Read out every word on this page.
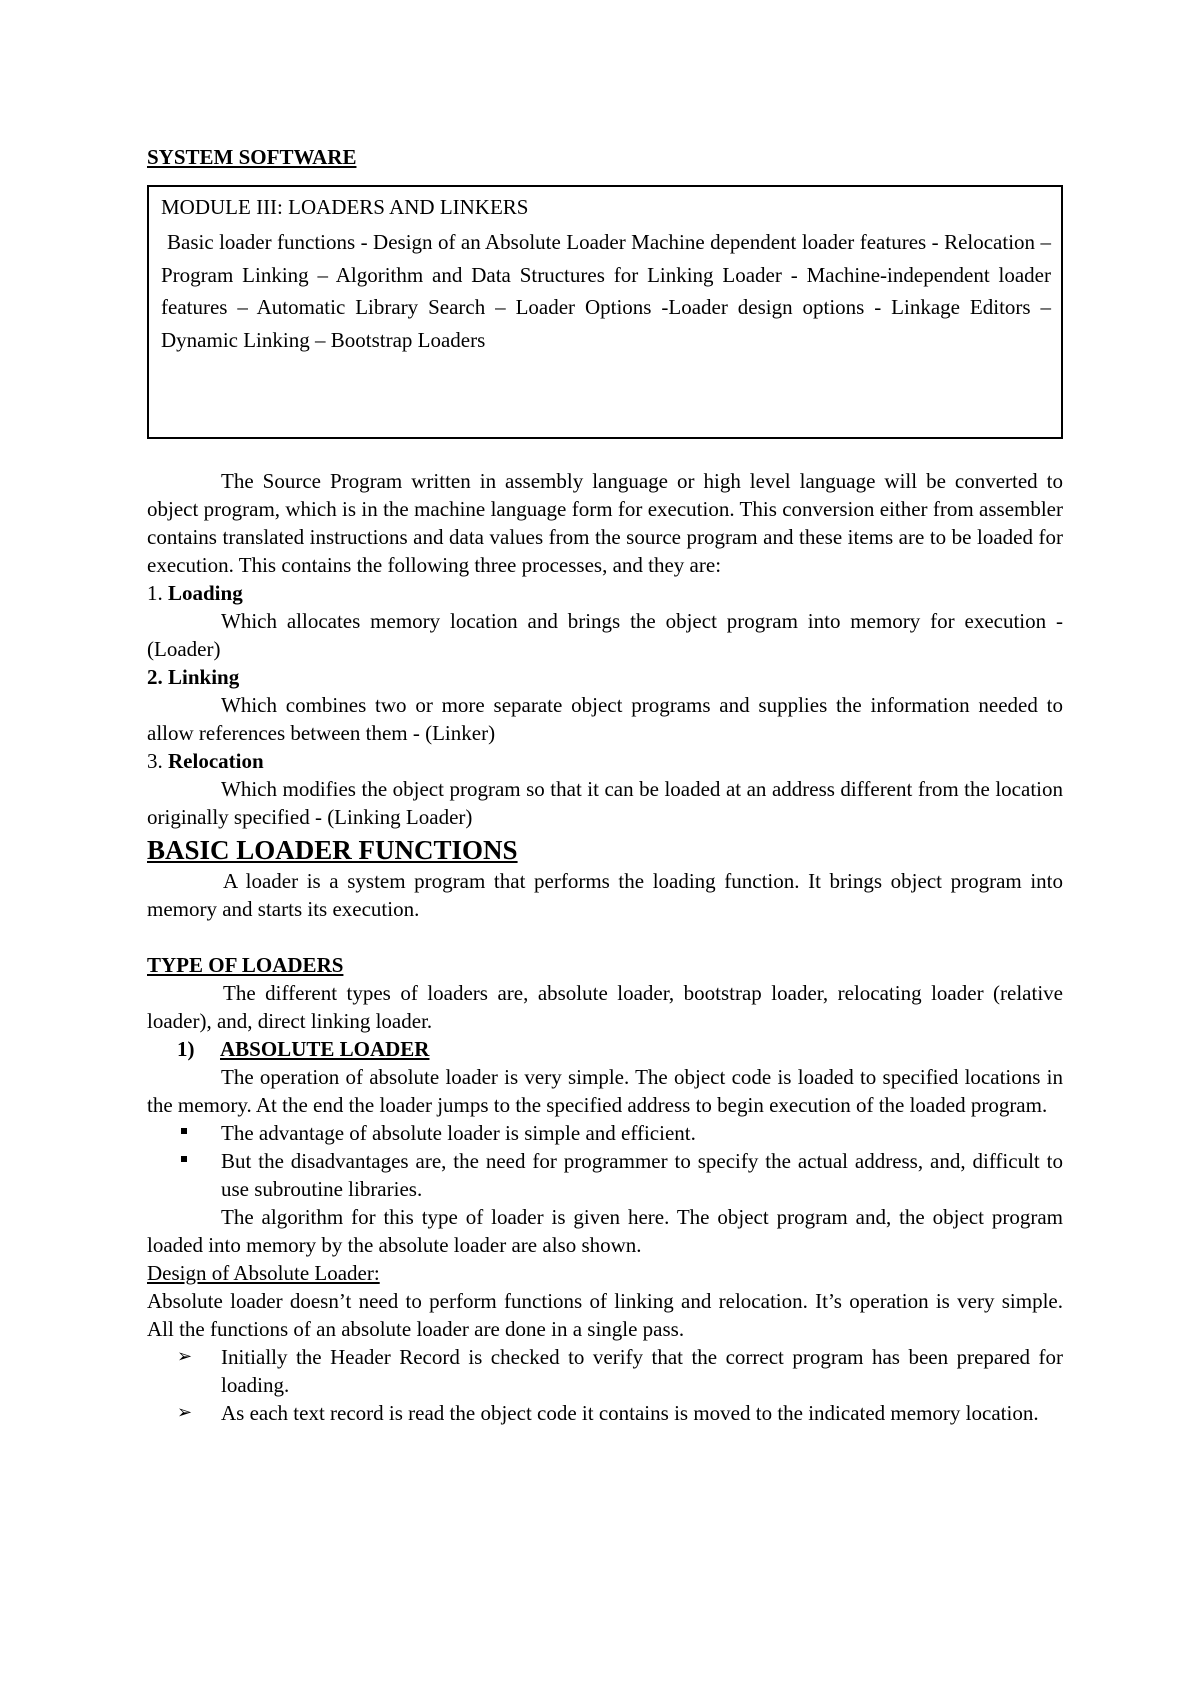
SYSTEM SOFTWARE
MODULE III: LOADERS AND LINKERS
Basic loader functions - Design of an Absolute Loader Machine dependent loader features - Relocation – Program Linking – Algorithm and Data Structures for Linking Loader - Machine-independent loader features – Automatic Library Search – Loader Options -Loader design options - Linkage Editors – Dynamic Linking – Bootstrap Loaders

The Source Program written in assembly language or high level language will be converted to object program, which is in the machine language form for execution. This conversion either from assembler contains translated instructions and data values from the source program and these items are to be loaded for execution. This contains the following three processes, and they are:

1. Loading

Which allocates memory location and brings the object program into memory for execution - (Loader)

2. Linking

Which combines two or more separate object programs and supplies the information needed to allow references between them - (Linker)

3. Relocation

Which modifies the object program so that it can be loaded at an address different from the location originally specified - (Linking Loader)

BASIC LOADER FUNCTIONS

A loader is a system program that performs the loading function. It brings object program into memory and starts its execution.

TYPE OF LOADERS

The different types of loaders are, absolute loader, bootstrap loader, relocating loader (relative loader), and, direct linking loader.

1) ABSOLUTE LOADER

The operation of absolute loader is very simple. The object code is loaded to specified locations in the memory. At the end the loader jumps to the specified address to begin execution of the loaded program.

The advantage of absolute loader is simple and efficient.
But the disadvantages are, the need for programmer to specify the actual address, and, difficult to use subroutine libraries.

The algorithm for this type of loader is given here. The object program and, the object program loaded into memory by the absolute loader are also shown.

Design of Absolute Loader:

Absolute loader doesn’t need to perform functions of linking and relocation. It’s operation is very simple. All the functions of an absolute loader are done in a single pass.

➢ Initially the Header Record is checked to verify that the correct program has been prepared for loading.
➢ As each text record is read the object code it contains is moved to the indicated memory location.
